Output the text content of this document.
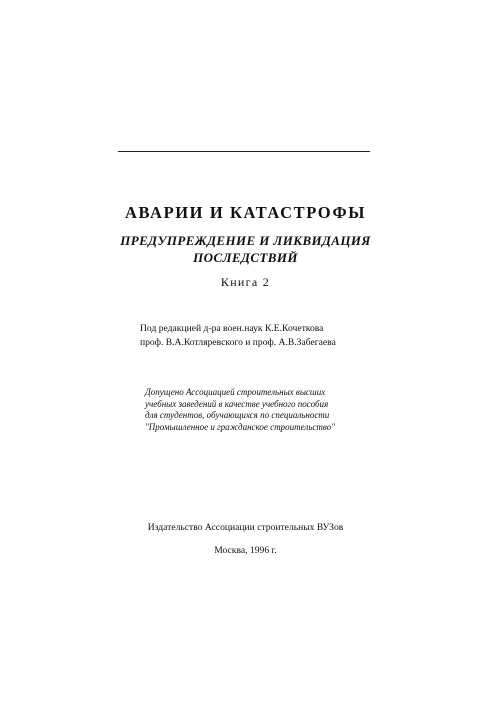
АВАРИИ И КАТАСТРОФЫ
ПРЕДУПРЕЖДЕНИЕ И ЛИКВИДАЦИЯ
ПОСЛЕДСТВИЙ
Книга 2
Под редакцией д-ра воен.наук К.Е.Кочеткова
проф. В.А.Котляревского и проф. А.В.Забегаева
Допущено Ассоциацией строительных высших
учебных заведений в качестве учебного пособия
для студентов, обучающихся по специальности
"Промышленное и гражданское строительство"
Издательство Ассоциации строительных ВУЗов
Москва, 1996 г.
